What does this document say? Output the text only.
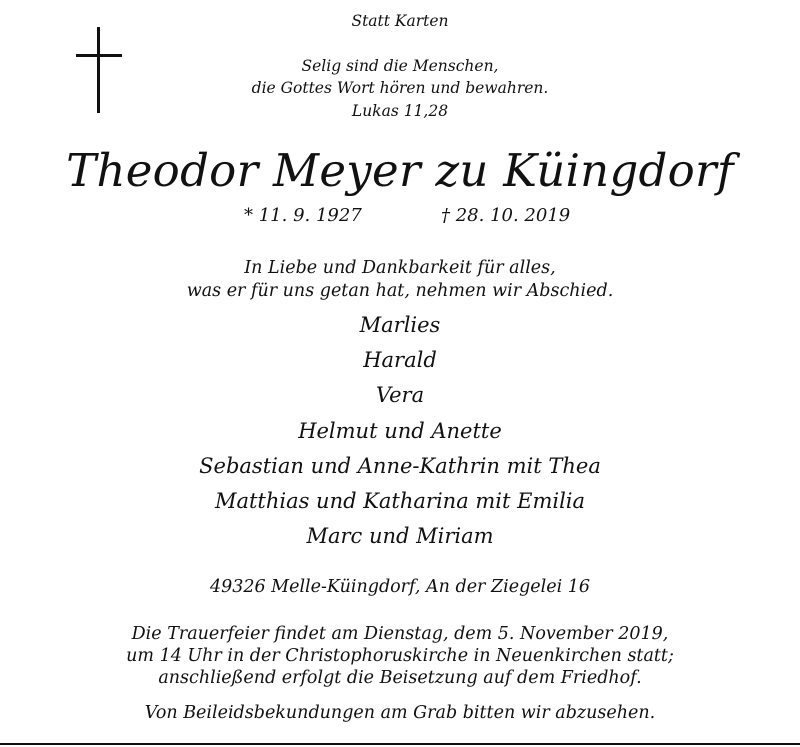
Statt Karten
Selig sind die Menschen,
die Gottes Wort hören und bewahren.
Lukas 11,28
Theodor Meyer zu Küingdorf
* 11. 9. 1927	† 28. 10. 2019
In Liebe und Dankbarkeit für alles,
was er für uns getan hat, nehmen wir Abschied.
Marlies
Harald
Vera
Helmut und Anette
Sebastian und Anne-Kathrin mit Thea
Matthias und Katharina mit Emilia
Marc und Miriam
49326 Melle-Küingdorf, An der Ziegelei 16
Die Trauerfeier findet am Dienstag, dem 5. November 2019,
um 14 Uhr in der Christophoruskirche in Neuenkirchen statt;
anschließend erfolgt die Beisetzung auf dem Friedhof.
Von Beileidsbekundungen am Grab bitten wir abzusehen.
